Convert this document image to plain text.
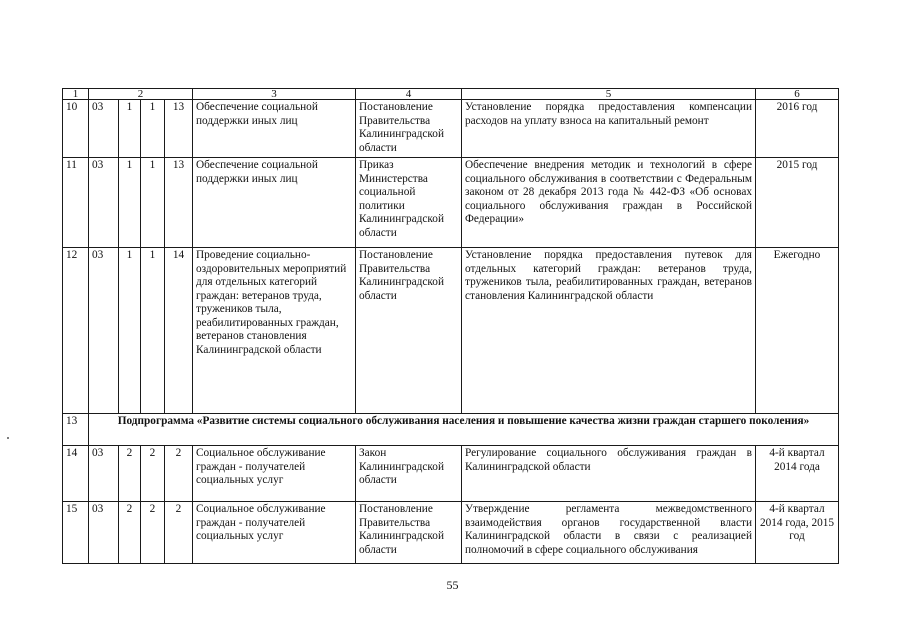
1	2				3	4	5	6
10	03	1	1	13	Обеспечение социальной поддержки иных лиц	Постановление Правительства Калининградской области	Установление порядка предоставления компенсации расходов на уплату взноса на капитальный ремонт	2016 год
11	03	1	1	13	Обеспечение социальной поддержки иных лиц	Приказ Министерства социальной политики Калининградской области	Обеспечение внедрения методик и технологий в сфере социального обслуживания в соответствии с Федеральным законом от 28 декабря 2013 года № 442-ФЗ «Об основах социального обслуживания граждан в Российской Федерации»	2015 год
12	03	1	1	14	Проведение социально-оздоровительных мероприятий для отдельных категорий граждан: ветеранов труда, тружеников тыла, реабилитированных граждан, ветеранов становления Калининградской области	Постановление Правительства Калининградской области	Установление порядка предоставления путевок для отдельных категорий граждан: ветеранов труда, тружеников тыла, реабилитированных граждан, ветеранов становления Калининградской области	Ежегодно
13	Подпрограмма «Развитие системы социального обслуживания населения и повышение качества жизни граждан старшего поколения»							
14	03	2	2	2	Социальное обслуживание граждан - получателей социальных услуг	Закон Калининградской области	Регулирование социального обслуживания граждан в Калининградской области	4-й квартал 2014 года
15	03	2	2	2	Социальное обслуживание граждан - получателей социальных услуг	Постановление Правительства Калининградской области	Утверждение регламента межведомственного взаимодействия органов государственной власти Калининградской области в связи с реализацией полномочий в сфере социального обслуживания	4-й квартал 2014 года, 2015 год
55
